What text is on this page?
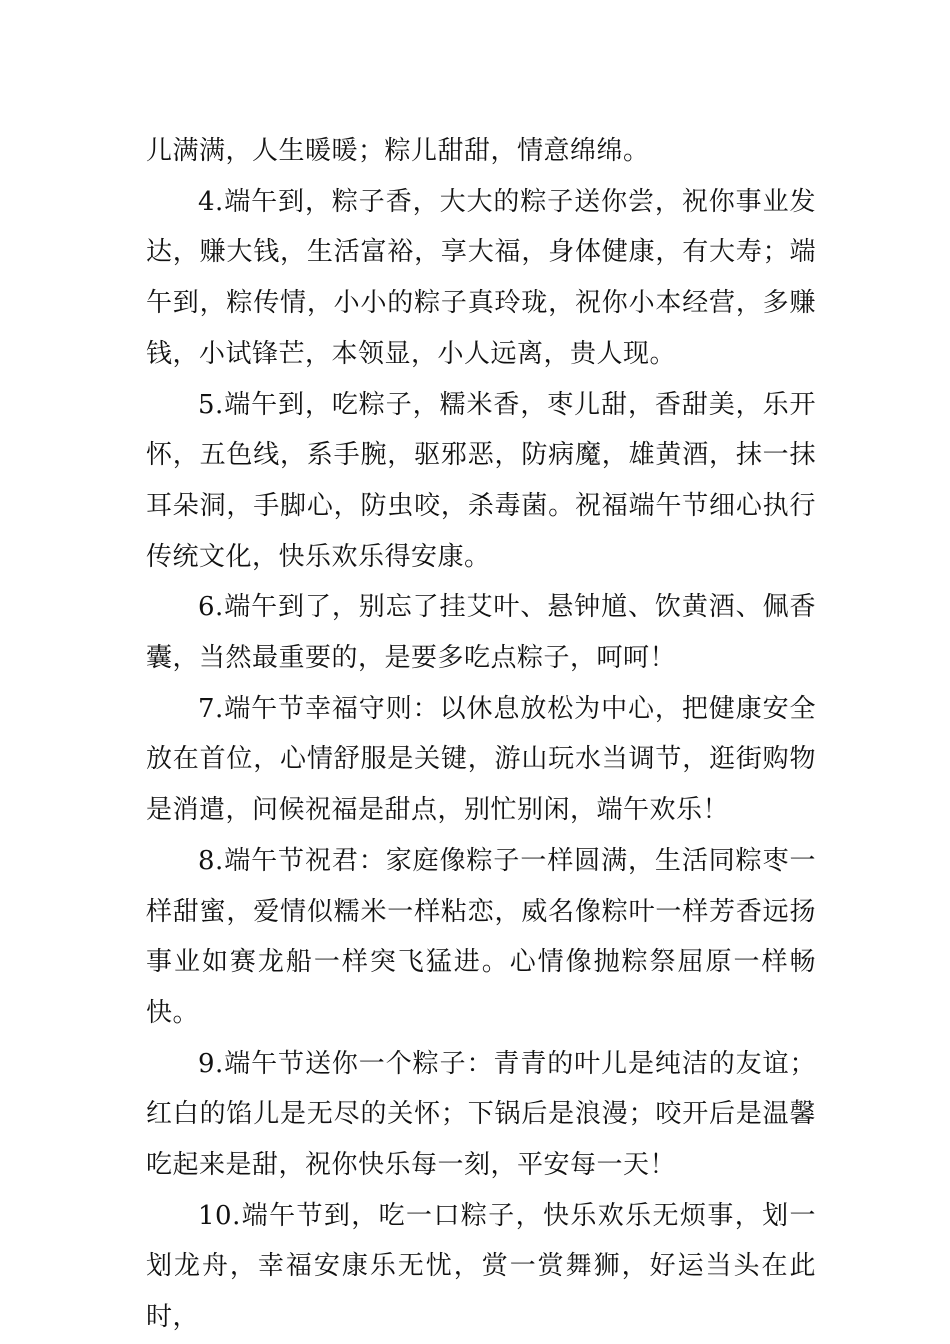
儿满满，人生暖暖；粽儿甜甜，情意绵绵。

4.端午到，粽子香，大大的粽子送你尝，祝你事业发达，赚大钱，生活富裕，享大福，身体健康，有大寿；端午到，粽传情，小小的粽子真玲珑，祝你小本经营，多赚钱，小试锋芒，本领显，小人远离，贵人现。

5.端午到，吃粽子，糯米香，枣儿甜，香甜美，乐开怀，五色线，系手腕，驱邪恶，防病魔，雄黄酒，抹一抹耳朵洞，手脚心，防虫咬，杀毒菌。祝福端午节细心执行传统文化，快乐欢乐得安康。

6.端午到了，别忘了挂艾叶、悬钟馗、饮黄酒、佩香囊，当然最重要的，是要多吃点粽子，呵呵！

7.端午节幸福守则：以休息放松为中心，把健康安全放在首位，心情舒服是关键，游山玩水当调节，逛街购物是消遣，问候祝福是甜点，别忙别闲，端午欢乐！

8.端午节祝君：家庭像粽子一样圆满，生活同粽枣一样甜蜜，爱情似糯米一样粘恋，威名像粽叶一样芳香远扬事业如赛龙船一样突飞猛进。心情像抛粽祭屈原一样畅快。

9.端午节送你一个粽子：青青的叶儿是纯洁的友谊；红白的馅儿是无尽的关怀；下锅后是浪漫；咬开后是温馨吃起来是甜，祝你快乐每一刻，平安每一天！

10.端午节到，吃一口粽子，快乐欢乐无烦事，划一划龙舟，幸福安康乐无忧，赏一赏舞狮，好运当头在此时，
